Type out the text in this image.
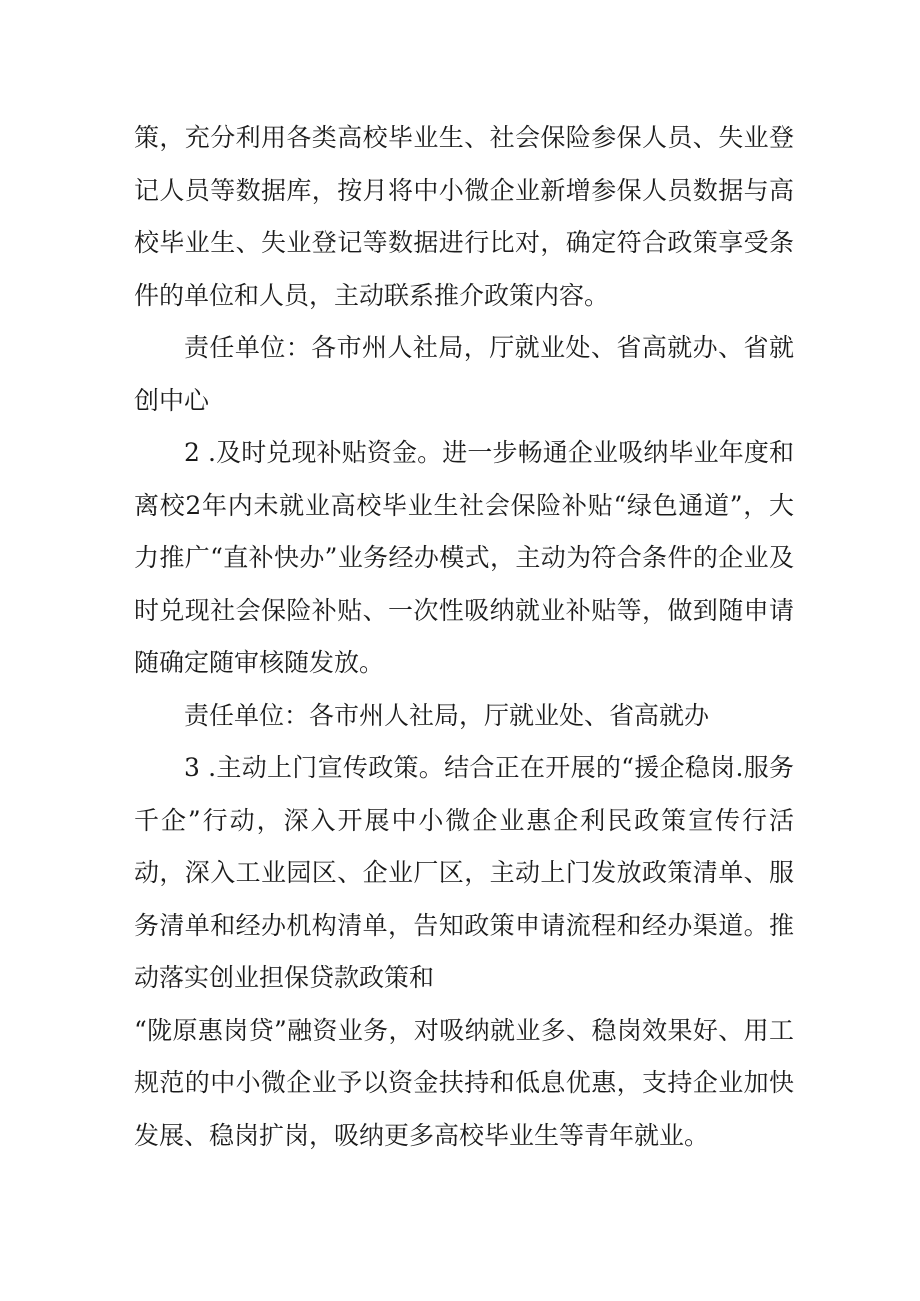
策，充分利用各类高校毕业生、社会保险参保人员、失业登记人员等数据库，按月将中小微企业新增参保人员数据与高校毕业生、失业登记等数据进行比对，确定符合政策享受条件的单位和人员，主动联系推介政策内容。

责任单位：各市州人社局，厅就业处、省高就办、省就创中心

2 .及时兑现补贴资金。进一步畅通企业吸纳毕业年度和离校2年内未就业高校毕业生社会保险补贴“绿色通道”，大力推广“直补快办”业务经办模式，主动为符合条件的企业及时兑现社会保险补贴、一次性吸纳就业补贴等，做到随申请随确定随审核随发放。

责任单位：各市州人社局，厅就业处、省高就办

3 .主动上门宣传政策。结合正在开展的“援企稳岗.服务千企”行动，深入开展中小微企业惠企利民政策宣传行活动，深入工业园区、企业厂区，主动上门发放政策清单、服务清单和经办机构清单，告知政策申请流程和经办渠道。推动落实创业担保贷款政策和

“陇原惠岗贷”融资业务，对吸纳就业多、稳岗效果好、用工规范的中小微企业予以资金扶持和低息优惠，支持企业加快发展、稳岗扩岗，吸纳更多高校毕业生等青年就业。
